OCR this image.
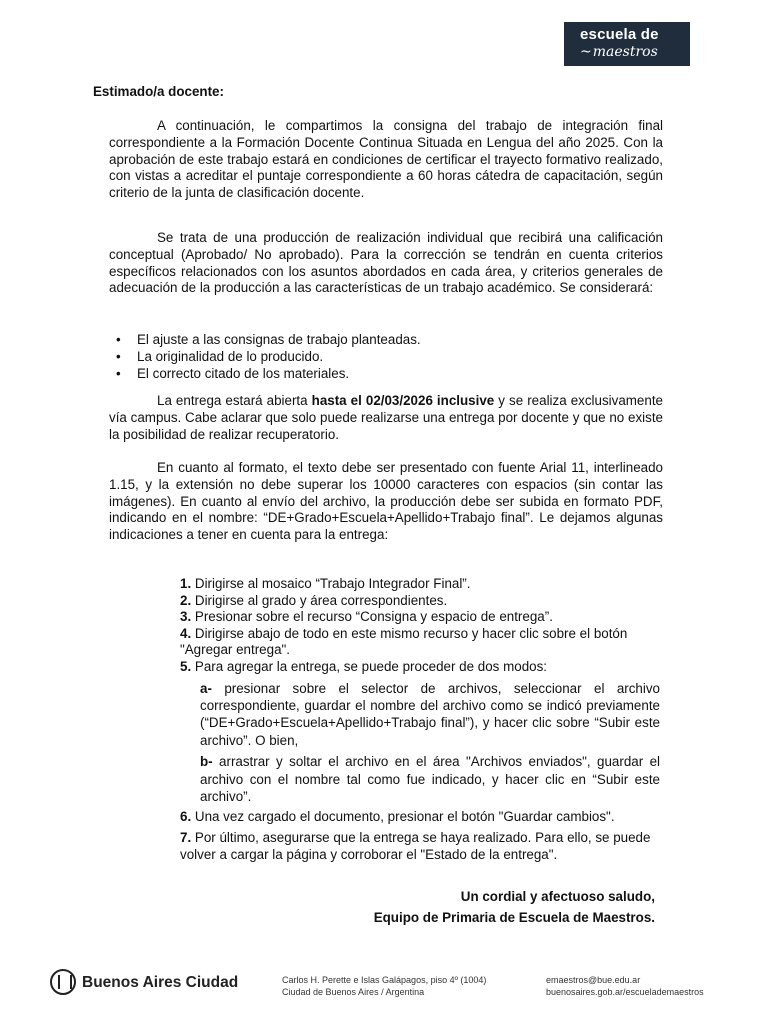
escuela de
~maestros
Estimado/a docente:

A continuación, le compartimos la consigna del trabajo de integración final correspondiente a la Formación Docente Continua Situada en Lengua del año 2025. Con la aprobación de este trabajo estará en condiciones de certificar el trayecto formativo realizado, con vistas a acreditar el puntaje correspondiente a 60 horas cátedra de capacitación, según criterio de la junta de clasificación docente.

Se trata de una producción de realización individual que recibirá una calificación conceptual (Aprobado/ No aprobado). Para la corrección se tendrán en cuenta criterios específicos relacionados con los asuntos abordados en cada área, y criterios generales de adecuación de la producción a las características de un trabajo académico. Se considerará:

• El ajuste a las consignas de trabajo planteadas.
• La originalidad de lo producido.
• El correcto citado de los materiales.

La entrega estará abierta hasta el 02/03/2026 inclusive y se realiza exclusivamente vía campus. Cabe aclarar que solo puede realizarse una entrega por docente y que no existe la posibilidad de realizar recuperatorio.

En cuanto al formato, el texto debe ser presentado con fuente Arial 11, interlineado 1.15, y la extensión no debe superar los 10000 caracteres con espacios (sin contar las imágenes). En cuanto al envío del archivo, la producción debe ser subida en formato PDF, indicando en el nombre: “DE+Grado+Escuela+Apellido+Trabajo final”. Le dejamos algunas indicaciones a tener en cuenta para la entrega:

1. Dirigirse al mosaico “Trabajo Integrador Final”.

2. Dirigirse al grado y área correspondientes.

3. Presionar sobre el recurso “Consigna y espacio de entrega”.

4. Dirigirse abajo de todo en este mismo recurso y hacer clic sobre el botón "Agregar entrega".

5. Para agregar la entrega, se puede proceder de dos modos:

a- presionar sobre el selector de archivos, seleccionar el archivo correspondiente, guardar el nombre del archivo como se indicó previamente (“DE+Grado+Escuela+Apellido+Trabajo final”), y hacer clic sobre “Subir este archivo”. O bien,

b- arrastrar y soltar el archivo en el área "Archivos enviados", guardar el archivo con el nombre tal como fue indicado, y hacer clic en “Subir este archivo”.

6. Una vez cargado el documento, presionar el botón "Guardar cambios".

7. Por último, asegurarse que la entrega se haya realizado. Para ello, se puede volver a cargar la página y corroborar el "Estado de la entrega".

Un cordial y afectuoso saludo,
Equipo de Primaria de Escuela de Maestros.
Buenos Aires Ciudad	Carlos H. Perette e Islas Galápagos, piso 4º (1004)
Ciudad de Buenos Aires / Argentina
emaestros@bue.edu.ar
buenosaires.gob.ar/escuelademaestros
